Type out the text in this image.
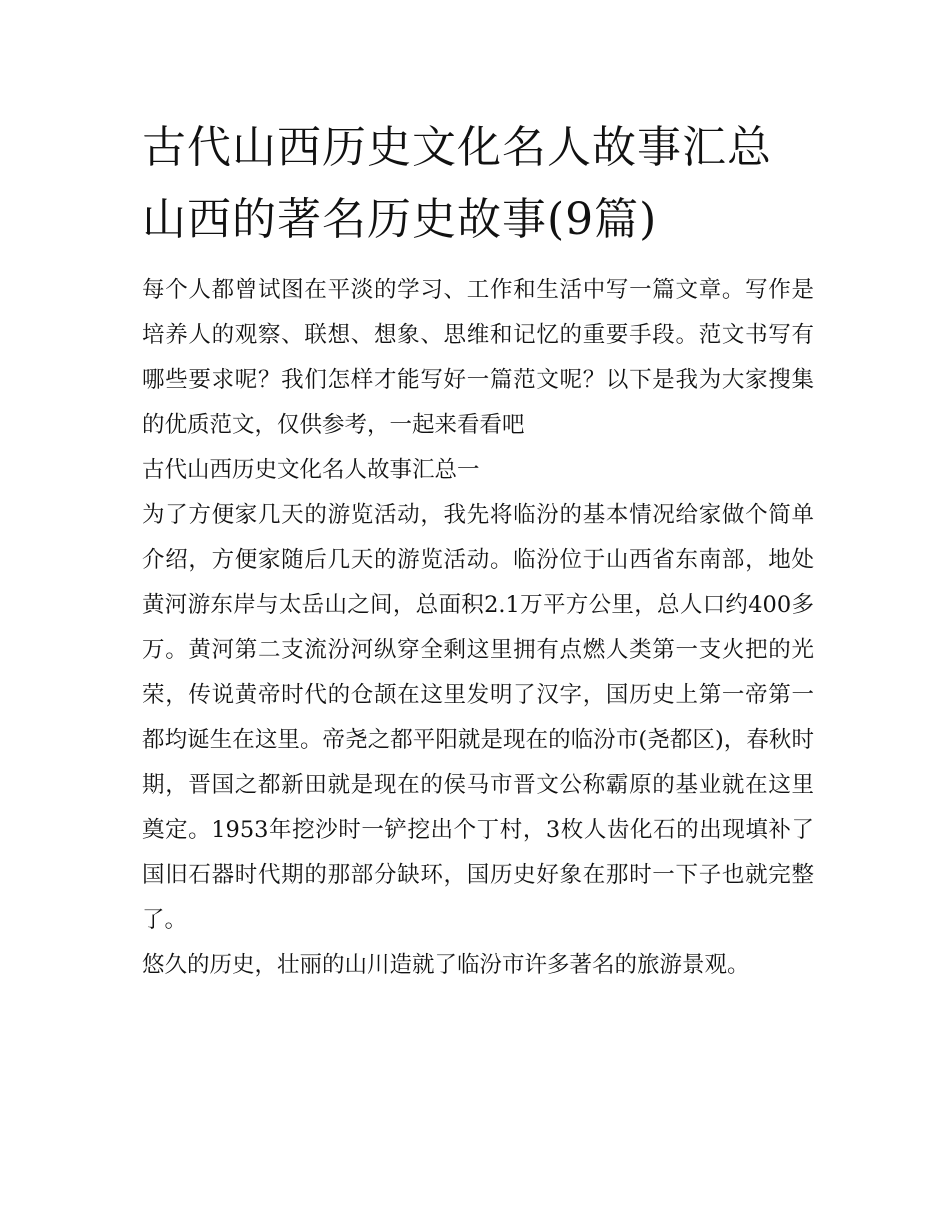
古代山西历史文化名人故事汇总 山西的著名历史故事(9篇)

每个人都曾试图在平淡的学习、工作和生活中写一篇文章。写作是培养人的观察、联想、想象、思维和记忆的重要手段。范文书写有哪些要求呢？我们怎样才能写好一篇范文呢？以下是我为大家搜集的优质范文，仅供参考，一起来看看吧

古代山西历史文化名人故事汇总一

为了方便家几天的游览活动，我先将临汾的基本情况给家做个简单介绍，方便家随后几天的游览活动。临汾位于山西省东南部，地处黄河游东岸与太岳山之间，总面积2.1万平方公里，总人口约400多万。黄河第二支流汾河纵穿全剩这里拥有点燃人类第一支火把的光荣，传说黄帝时代的仓颉在这里发明了汉字，国历史上第一帝第一都均诞生在这里。帝尧之都平阳就是现在的临汾市(尧都区)，春秋时期，晋国之都新田就是现在的侯马市晋文公称霸原的基业就在这里奠定。1953年挖沙时一铲挖出个丁村，3枚人齿化石的出现填补了国旧石器时代期的那部分缺环，国历史好象在那时一下子也就完整了。

悠久的历史，壮丽的山川造就了临汾市许多著名的旅游景观。
